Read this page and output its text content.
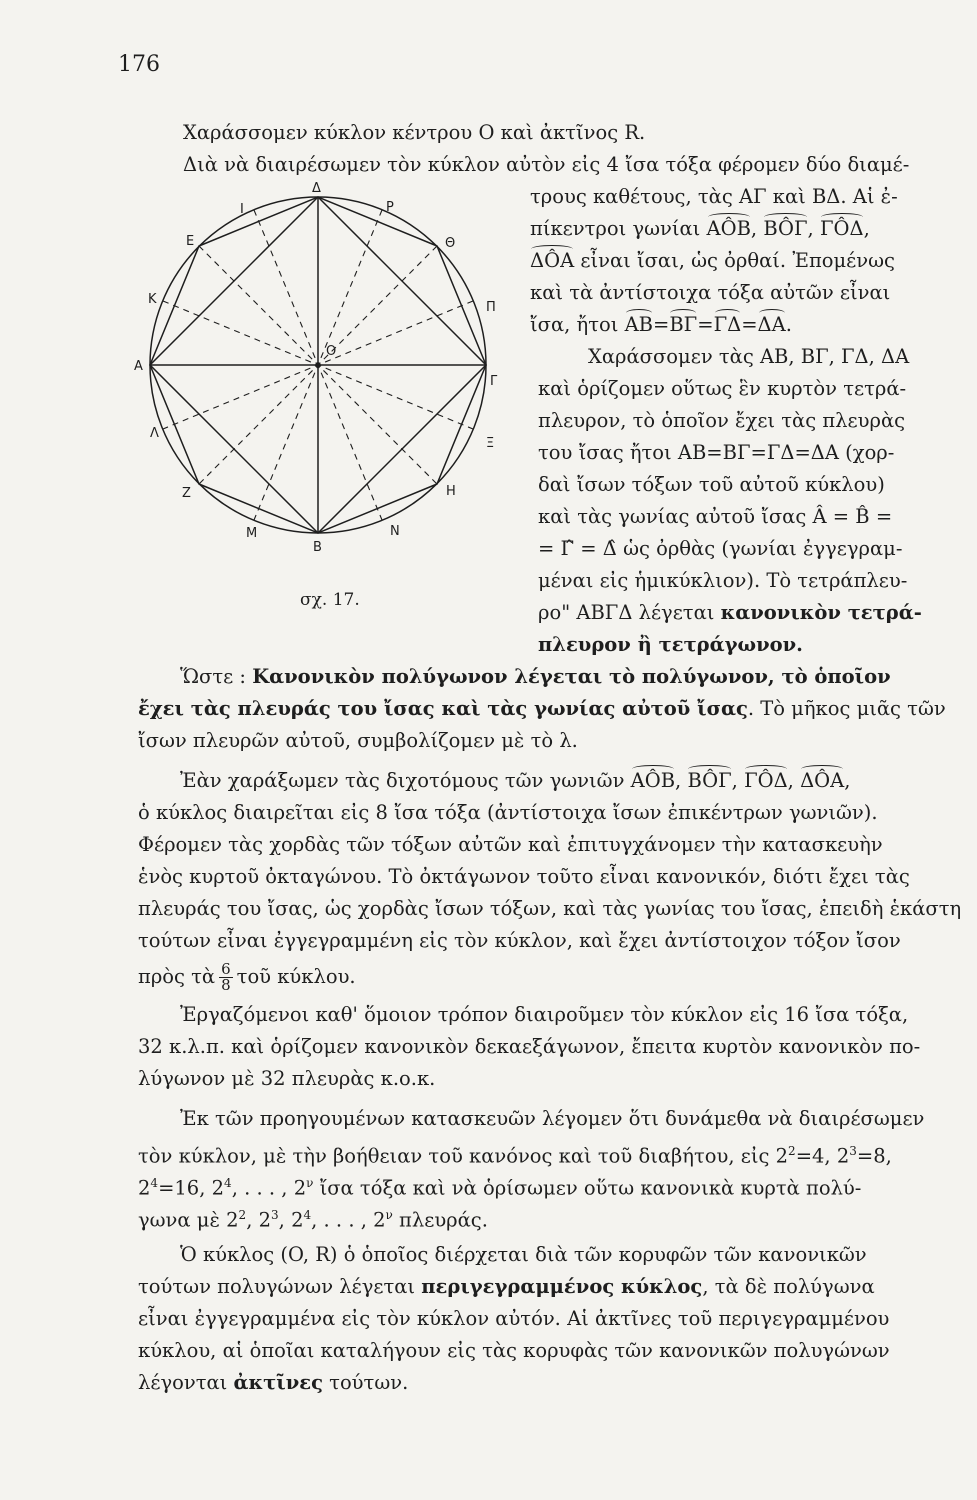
176
Δ
P
I
E	Θ
K
Π
A
O
Γ
Λ
Ξ
Z	H
M	N
B
σχ. 17.
Χαράσσομεν κύκλον κέντρου O καὶ ἀκτῖνος R.
Διὰ νὰ διαιρέσωμεν τὸν κύκλον αὐτὸν εἰς 4 ἴσα τόξα φέρομεν δύο διαμέ-
τρους καθέτους, τὰς ΑΓ καὶ ΒΔ. Αἱ ἐ-
πίκεντροι γωνίαι AÔB, BÔΓ, ΓÔΔ,
ΔÔA εἶναι ἴσαι, ὡς ὀρθαί. Ἐπομένως
καὶ τὰ ἀντίστοιχα τόξα αὐτῶν εἶναι
ἴσα, ἤτοι AB=BΓ=ΓΔ=ΔA.
Χαράσσομεν τὰς AB, BΓ, ΓΔ, ΔA
καὶ ὁρίζομεν οὕτως ἓν κυρτὸν τετρά-
πλευρον, τὸ ὁποῖον ἔχει τὰς πλευρὰς
του ἴσας ἤτοι AB=BΓ=ΓΔ=ΔA (χορ-
δαὶ ἴσων τόξων τοῦ αὐτοῦ κύκλου)
καὶ τὰς γωνίας αὐτοῦ ἴσας Â = B̂ =
= Γ̂ = Δ̂ ὡς ὀρθὰς (γωνίαι ἐγγεγραμ-
μέναι εἰς ἡμικύκλιον). Τὸ τετράπλευ-
ρο" ΑΒΓΔ λέγεται κανονικὸν τετρά-
πλευρον ἢ τετράγωνον.
Ὥστε : Κανονικὸν πολύγωνον λέγεται τὸ πολύγωνον, τὸ ὁποῖον
ἔχει τὰς πλευράς του ἴσας καὶ τὰς γωνίας αὐτοῦ ἴσας. Τὸ μῆκος μιᾶς τῶν
ἴσων πλευρῶν αὐτοῦ, συμβολίζομεν μὲ τὸ λ.
Ἐὰν χαράξωμεν τὰς διχοτόμους τῶν γωνιῶν AÔB, BÔΓ, ΓÔΔ, ΔÔA,
ὁ κύκλος διαιρεῖται εἰς 8 ἴσα τόξα (ἀντίστοιχα ἴσων ἐπικέντρων γωνιῶν).
Φέρομεν τὰς χορδὰς τῶν τόξων αὐτῶν καὶ ἐπιτυγχάνομεν τὴν κατασκευὴν
ἑνὸς κυρτοῦ ὀκταγώνου. Τὸ ὀκτάγωνον τοῦτο εἶναι κανονικόν, διότι ἔχει τὰς
πλευράς του ἴσας, ὡς χορδὰς ἴσων τόξων, καὶ τὰς γωνίας του ἴσας, ἐπειδὴ ἑκάστη
τούτων εἶναι ἐγγεγραμμένη εἰς τὸν κύκλον, καὶ ἔχει ἀντίστοιχον τόξον ἴσον
πρὸς τὰ $\frac{6}{8}$ τοῦ κύκλου.
Ἐργαζόμενοι καθ' ὅμοιον τρόπον διαιροῦμεν τὸν κύκλον εἰς 16 ἴσα τόξα,
32 κ.λ.π. καὶ ὁρίζομεν κανονικὸν δεκαεξάγωνον, ἔπειτα κυρτὸν κανονικὸν πο-
λύγωνον μὲ 32 πλευρὰς κ.ο.κ.
Ἐκ τῶν προηγουμένων κατασκευῶν λέγομεν ὅτι δυνάμεθα νὰ διαιρέσωμεν
τὸν κύκλον, μὲ τὴν βοήθειαν τοῦ κανόνος καὶ τοῦ διαβήτου, εἰς $2^2=4$, $2^3=8$,
$2^4=16$, $2^4$, . . . , $2^\nu$ ἴσα τόξα καὶ νὰ ὁρίσωμεν οὕτω κανονικὰ κυρτὰ πολύ-
γωνα μὲ $2^2$, $2^3$, $2^4$, . . . , $2^\nu$ πλευράς.
Ὁ κύκλος (O, R) ὁ ὁποῖος διέρχεται διὰ τῶν κορυφῶν τῶν κανονικῶν
τούτων πολυγώνων λέγεται περιγεγραμμένος κύκλος, τὰ δὲ πολύγωνα
εἶναι ἐγγεγραμμένα εἰς τὸν κύκλον αὐτόν. Αἱ ἀκτῖνες τοῦ περιγεγραμμένου
κύκλου, αἱ ὁποῖαι καταλήγουν εἰς τὰς κορυφὰς τῶν κανονικῶν πολυγώνων
λέγονται ἀκτῖνες τούτων.
